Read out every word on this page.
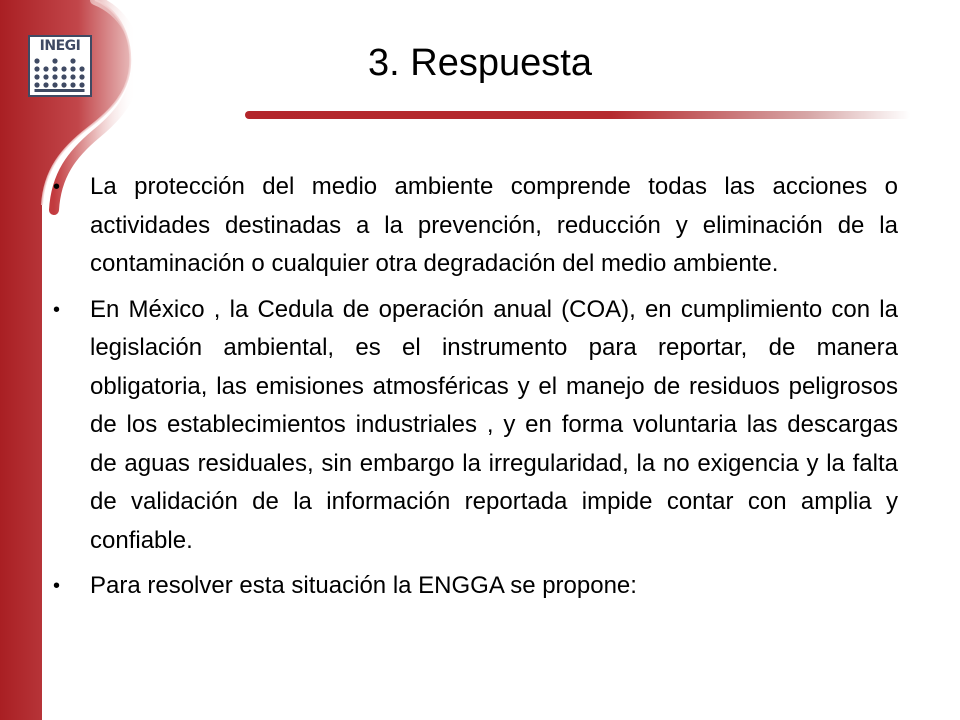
INEGI	3. Respuesta
• La protección del medio ambiente comprende todas las acciones o actividades destinadas a la prevención, reducción y eliminación de la contaminación o cualquier otra degradación del medio ambiente.
• En México , la Cedula de operación anual (COA), en cumplimiento con la legislación ambiental, es el instrumento para reportar, de manera obligatoria, las emisiones atmosféricas y el manejo de residuos peligrosos de los establecimientos industriales , y en forma voluntaria las descargas de aguas residuales, sin embargo la irregularidad, la no exigencia y la falta de validación de la información reportada impide contar con amplia y confiable.
• Para resolver esta situación la ENGGA se propone:
